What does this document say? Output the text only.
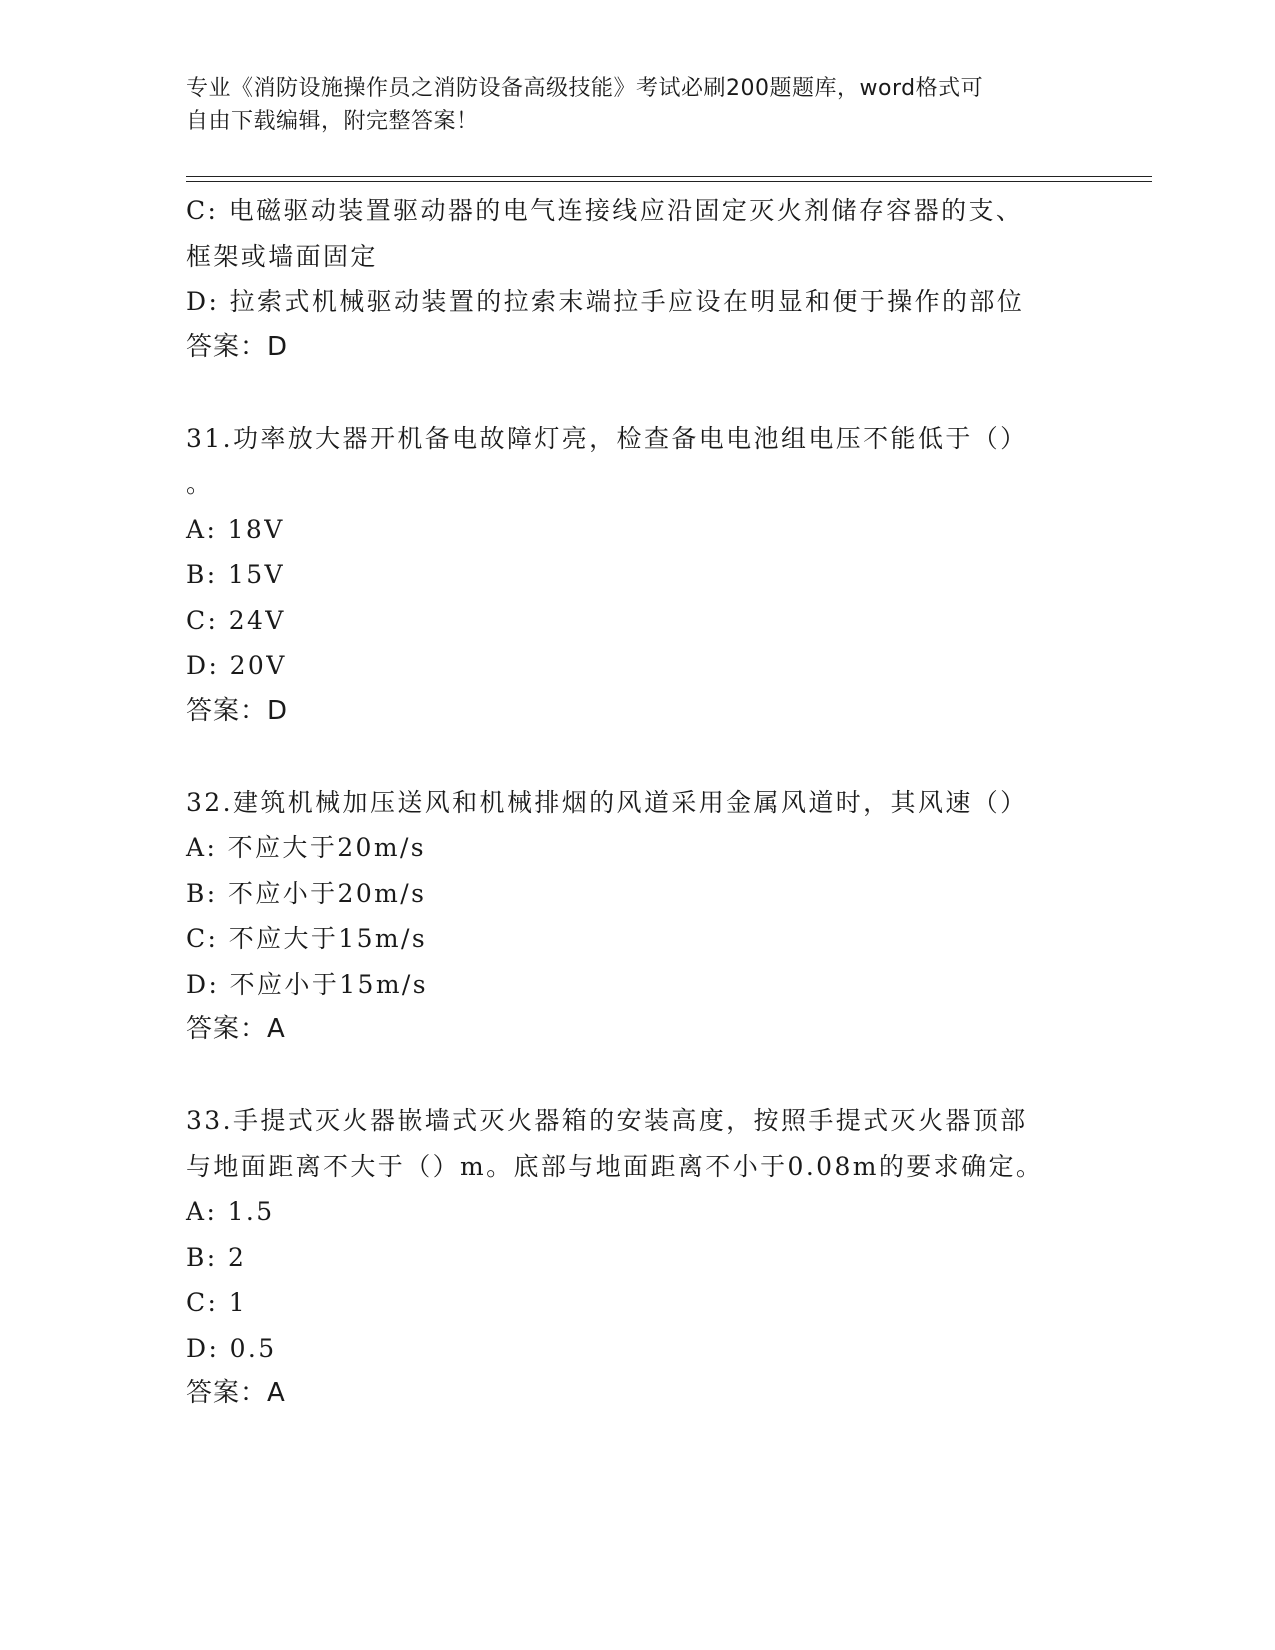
专业《消防设施操作员之消防设备高级技能》考试必刷200题题库，word格式可
自由下载编辑，附完整答案！
C: 电磁驱动装置驱动器的电气连接线应沿固定灭火剂储存容器的支、
框架或墙面固定
D: 拉索式机械驱动装置的拉索末端拉手应设在明显和便于操作的部位
答案：D
31.功率放大器开机备电故障灯亮，检查备电电池组电压不能低于（）
。
A: 18V
B: 15V
C: 24V
D: 20V
答案：D
32.建筑机械加压送风和机械排烟的风道采用金属风道时，其风速（）
A: 不应大于20m/s
B: 不应小于20m/s
C: 不应大于15m/s
D: 不应小于15m/s
答案：A
33.手提式灭火器嵌墙式灭火器箱的安装高度，按照手提式灭火器顶部
与地面距离不大于（）m。底部与地面距离不小于0.08m的要求确定。
A: 1.5
B: 2
C: 1
D: 0.5
答案：A
